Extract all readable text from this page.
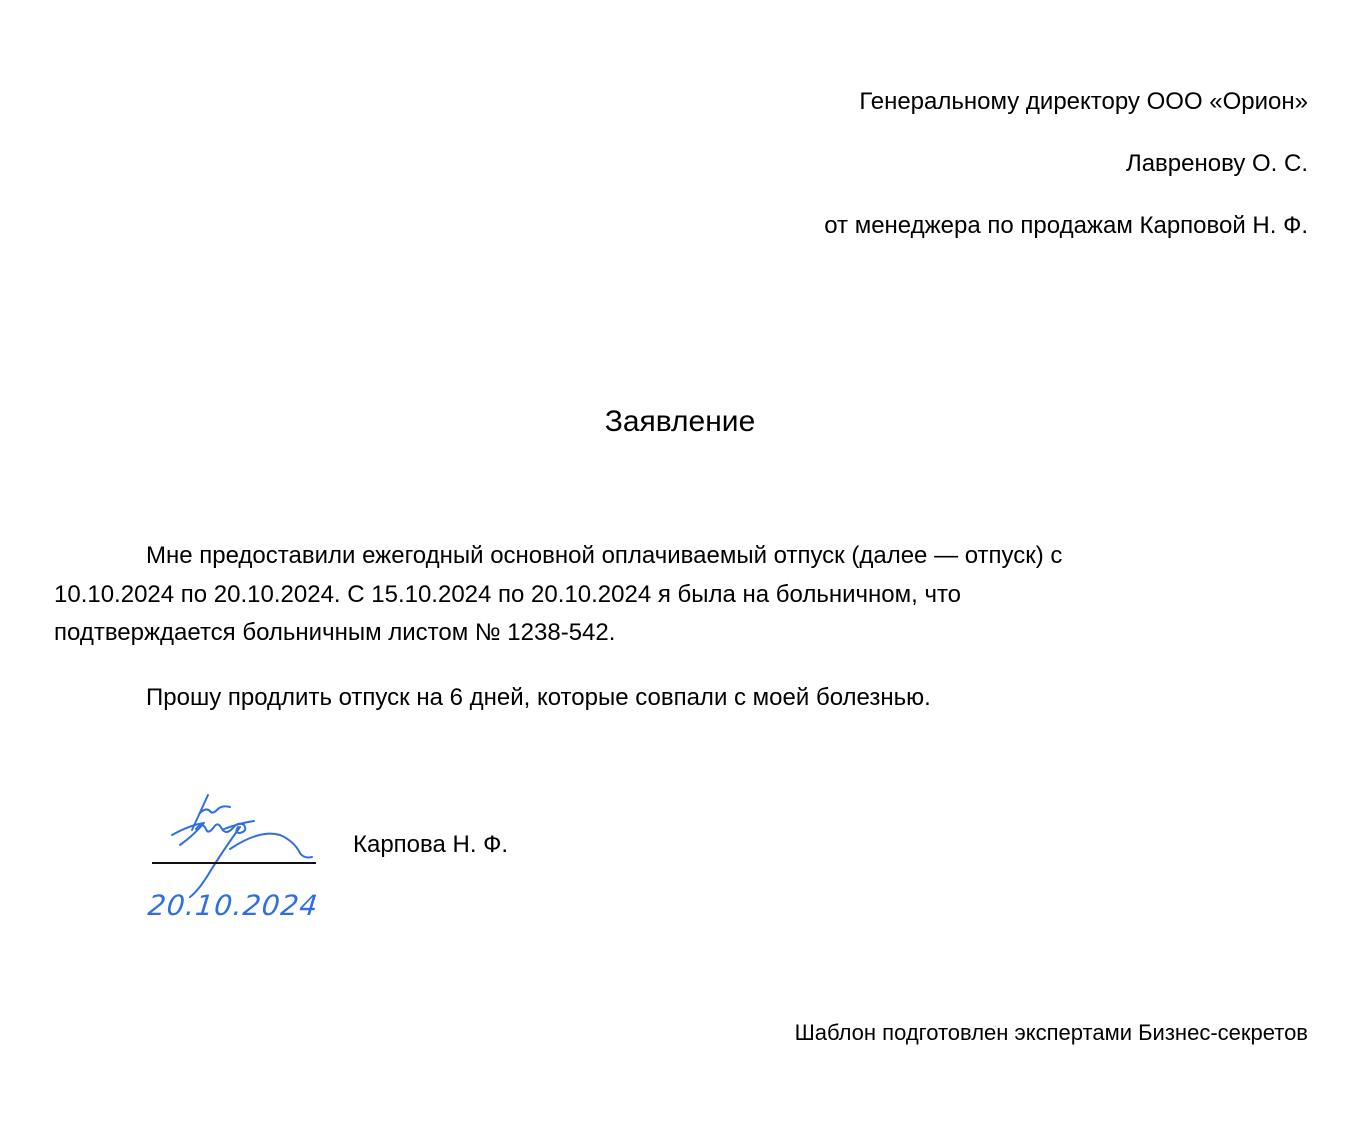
Генеральному директору ООО «Орион»
Лавренову О. С.
от менеджера по продажам Карповой Н. Ф.
Заявление

Мне предоставили ежегодный основной оплачиваемый отпуск (далее — отпуск) с
10.10.2024 по 20.10.2024. С 15.10.2024 по 20.10.2024 я была на больничном, что
подтверждается больничным листом № 1238-542.

Прошу продлить отпуск на 6 дней, которые совпали с моей болезнью.

20.10.2024
Карпова Н. Ф.
Шаблон подготовлен экспертами Бизнес-секретов
